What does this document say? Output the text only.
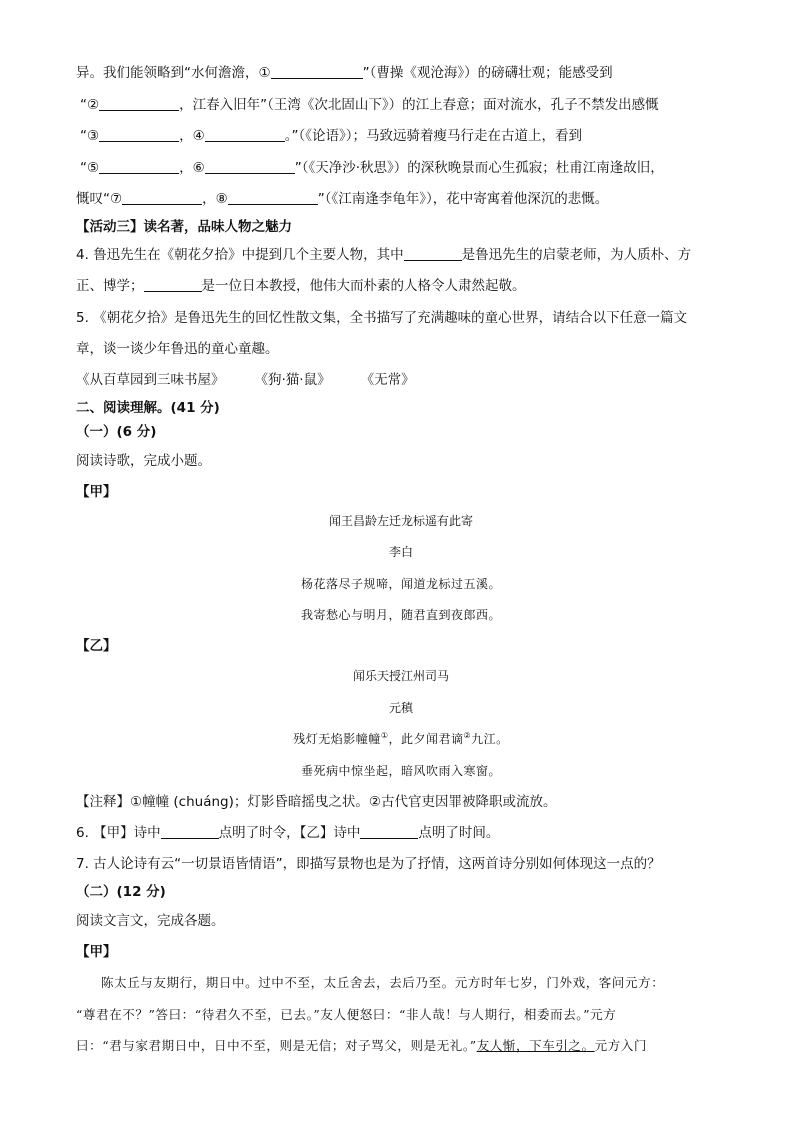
异。我们能领略到“水何澹澹，①	”（曹操《观沧海》）的磅礴壮观；能感受到
“②	，江春入旧年”（王湾《次北固山下》）的江上春意；面对流水，孔子不禁发出感慨
“③	，④	。”（《论语》）；马致远骑着瘦马行走在古道上，看到
“⑤	，⑥	”（《天净沙·秋思》）的深秋晚景而心生孤寂；杜甫江南逢故旧，
慨叹“⑦	，⑧	”（《江南逢李龟年》），花中寄寓着他深沉的悲慨。
【活动三】读名著，品味人物之魅力
4. 鲁迅先生在《朝花夕拾》中提到几个主要人物，其中	是鲁迅先生的启蒙老师，为人质朴、方
正、博学；	是一位日本教授，他伟大而朴素的人格令人肃然起敬。
5. 《朝花夕拾》是鲁迅先生的回忆性散文集，全书描写了充满趣味的童心世界，请结合以下任意一篇文
章，谈一谈少年鲁迅的童心童趣。
《从百草园到三味书屋》 《狗·猫·鼠》 《无常》
二、阅读理解。(41 分)
（一）(6 分)
阅读诗歌，完成小题。
【甲】
闻王昌龄左迁龙标遥有此寄
李白
杨花落尽子规啼，闻道龙标过五溪。
我寄愁心与明月，随君直到夜郎西。
【乙】
闻乐天授江州司马
元稹
残灯无焰影幢幢①，此夕闻君谪②九江。
垂死病中惊坐起，暗风吹雨入寒窗。
【注释】①幢幢 (chuáng)；灯影昏暗摇曳之状。②古代官吏因罪被降职或流放。
6. 【甲】诗中	点明了时令，【乙】诗中	点明了时间。
7. 古人论诗有云“一切景语皆情语”，即描写景物也是为了抒情，这两首诗分别如何体现这一点的？
（二）(12 分)
阅读文言文，完成各题。
【甲】
陈太丘与友期行，期日中。过中不至，太丘舍去，去后乃至。元方时年七岁，门外戏，客问元方：
“尊君在不？”答曰：“待君久不至，已去。”友人便怒曰：“非人哉！与人期行，相委而去。”元方
曰：“君与家君期日中，日中不至，则是无信；对子骂父，则是无礼。”友人惭，下车引之。元方入门
